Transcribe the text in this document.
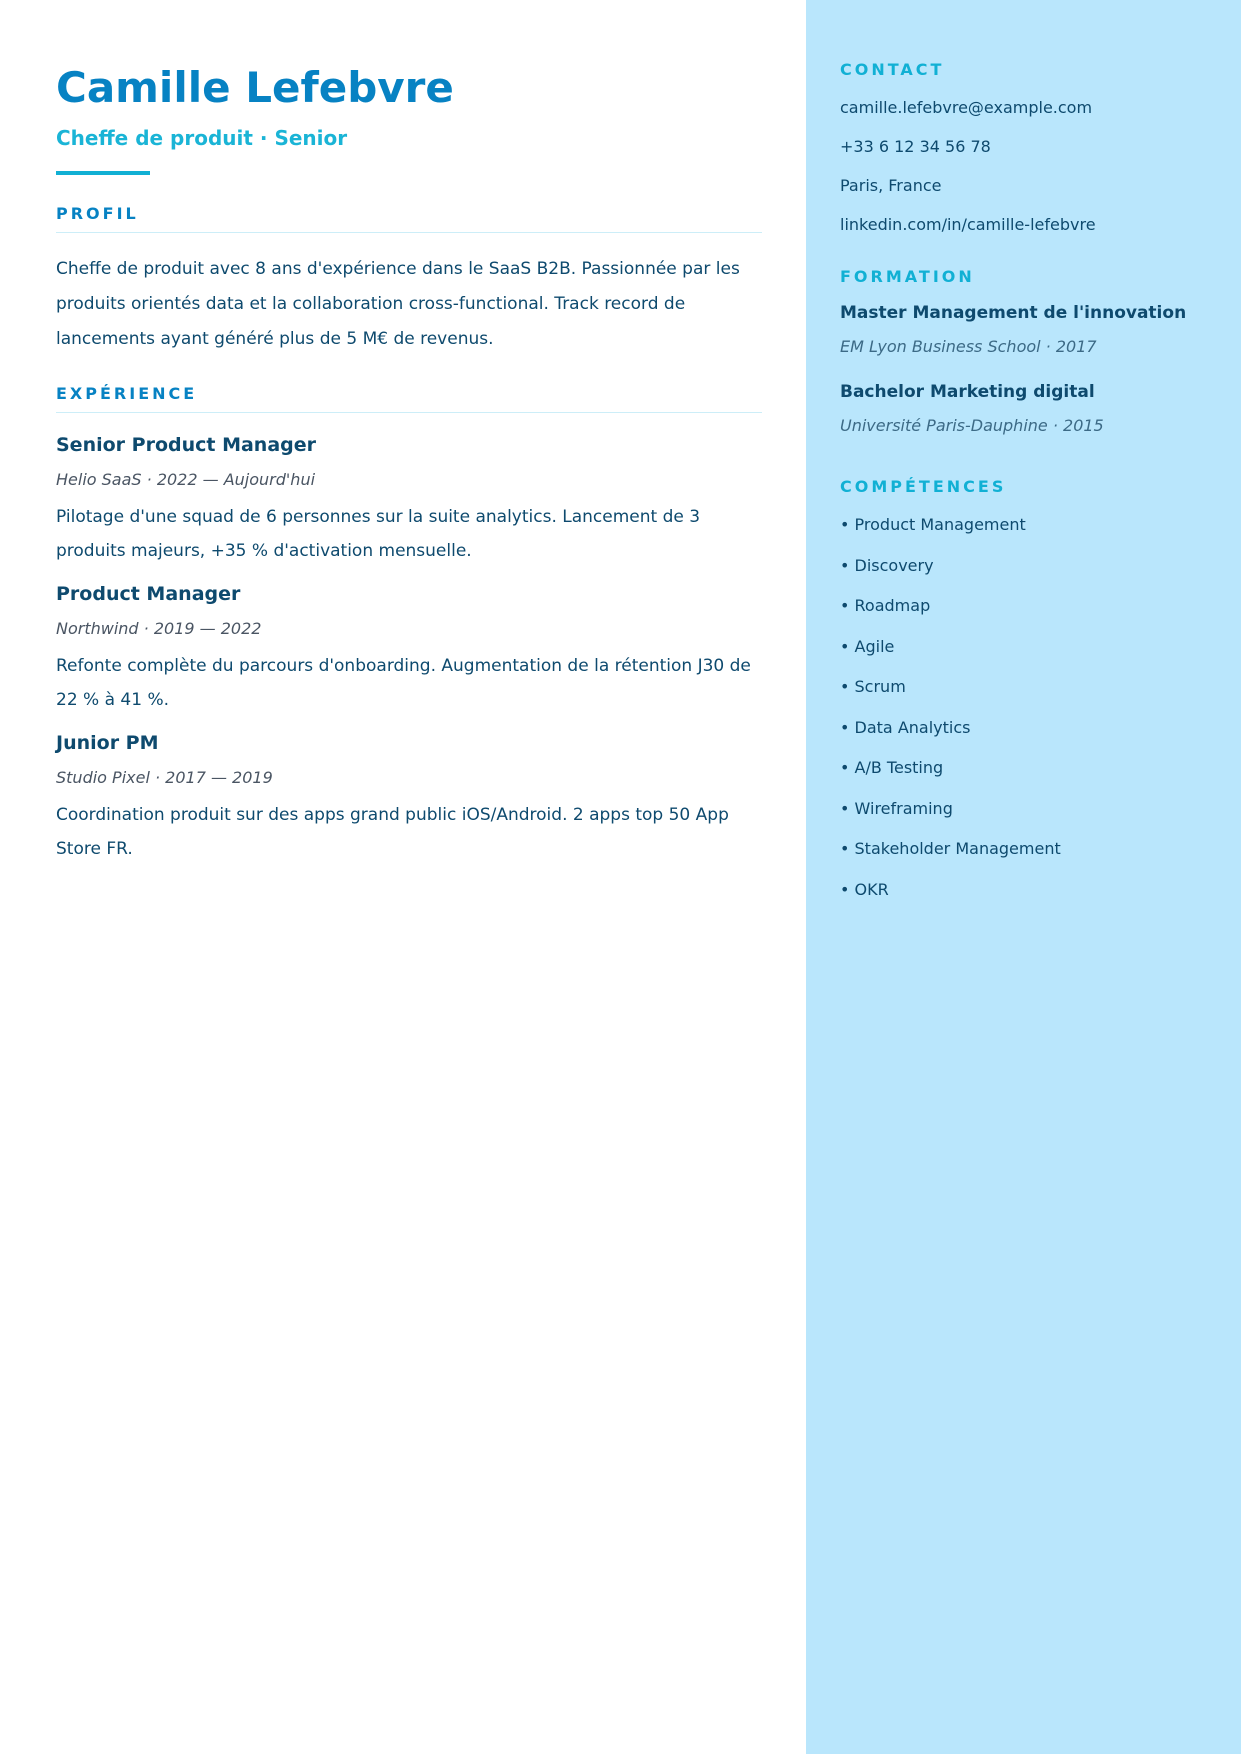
Camille Lefebvre
Cheffe de produit · Senior
PROFIL
Cheffe de produit avec 8 ans d'expérience dans le SaaS B2B. Passionnée par les produits orientés data et la collaboration cross-functional. Track record de lancements ayant généré plus de 5 M€ de revenus.
EXPÉRIENCE
Senior Product Manager
Helio SaaS · 2022 — Aujourd'hui
Pilotage d'une squad de 6 personnes sur la suite analytics. Lancement de 3 produits majeurs, +35 % d'activation mensuelle.
Product Manager
Northwind · 2019 — 2022
Refonte complète du parcours d'onboarding. Augmentation de la rétention J30 de 22 % à 41 %.
Junior PM
Studio Pixel · 2017 — 2019
Coordination produit sur des apps grand public iOS/Android. 2 apps top 50 App Store FR.
CONTACT
camille.lefebvre@example.com
+33 6 12 34 56 78
Paris, France
linkedin.com/in/camille-lefebvre
FORMATION
Master Management de l'innovation
EM Lyon Business School · 2017
Bachelor Marketing digital
Université Paris-Dauphine · 2015
COMPÉTENCES
• Product Management
• Discovery
• Roadmap
• Agile
• Scrum
• Data Analytics
• A/B Testing
• Wireframing
• Stakeholder Management
• OKR
